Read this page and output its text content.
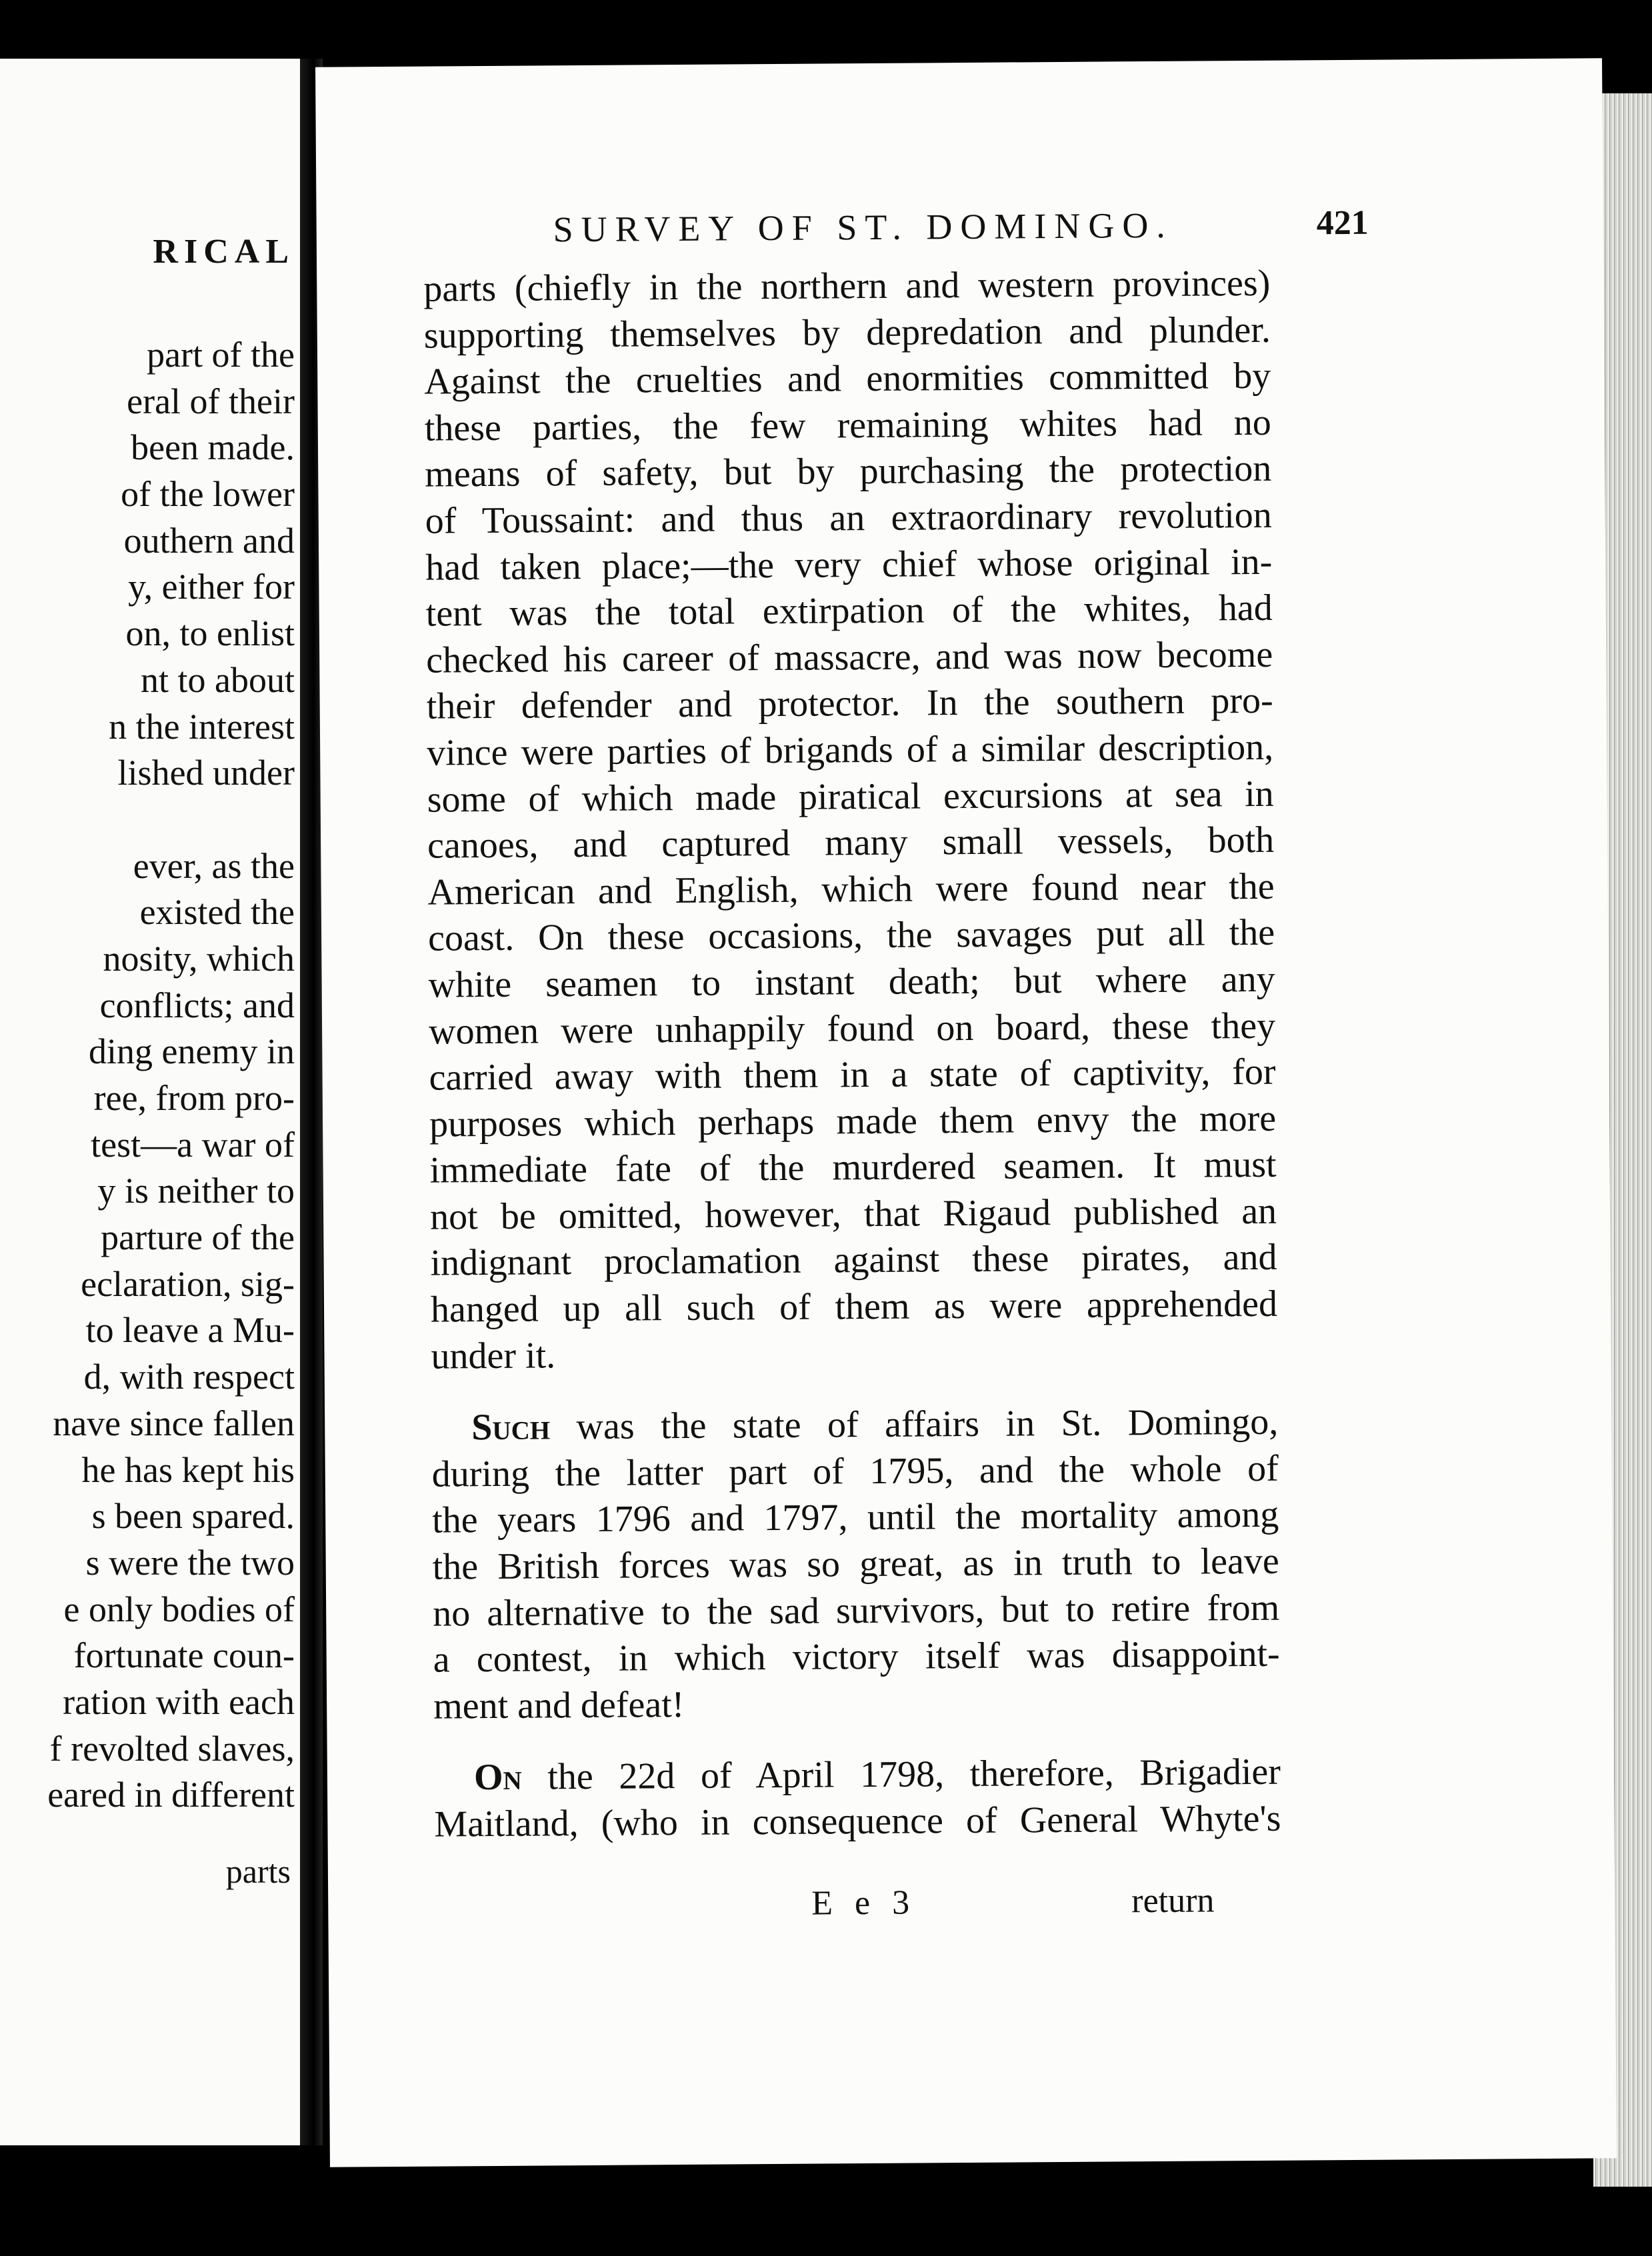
RICAL
part of the
eral of their
been made.
of the lower
outhern and
y, either for
on, to enlist
nt to about
n the interest
lished under
ever, as the
existed the
nosity, which
conflicts; and
ding enemy in
ree, from pro-
test—a war of
y is neither to
parture of the
eclaration, sig-
to leave a Mu-
d, with respect
nave since fallen
he has kept his
s been spared.
s were the two
e only bodies of
fortunate coun-
ration with each
f revolted slaves,
eared in different
parts
SURVEY OF ST. DOMINGO.	421
parts (chiefly in the northern and western provinces)
supporting themselves by depredation and plunder.
Against the cruelties and enormities committed by
these parties, the few remaining whites had no
means of safety, but by purchasing the protection
of Toussaint: and thus an extraordinary revolution
had taken place;—the very chief whose original in-
tent was the total extirpation of the whites, had
checked his career of massacre, and was now become
their defender and protector. In the southern pro-
vince were parties of brigands of a similar description,
some of which made piratical excursions at sea in
canoes, and captured many small vessels, both
American and English, which were found near the
coast. On these occasions, the savages put all the
white seamen to instant death; but where any
women were unhappily found on board, these they
carried away with them in a state of captivity, for
purposes which perhaps made them envy the more
immediate fate of the murdered seamen. It must
not be omitted, however, that Rigaud published an
indignant proclamation against these pirates, and
hanged up all such of them as were apprehended
under it.
Such was the state of affairs in St. Domingo,
during the latter part of 1795, and the whole of
the years 1796 and 1797, until the mortality among
the British forces was so great, as in truth to leave
no alternative to the sad survivors, but to retire from
a contest, in which victory itself was disappoint-
ment and defeat!
On the 22d of April 1798, therefore, Brigadier
Maitland, (who in consequence of General Whyte's
E e 3	return
